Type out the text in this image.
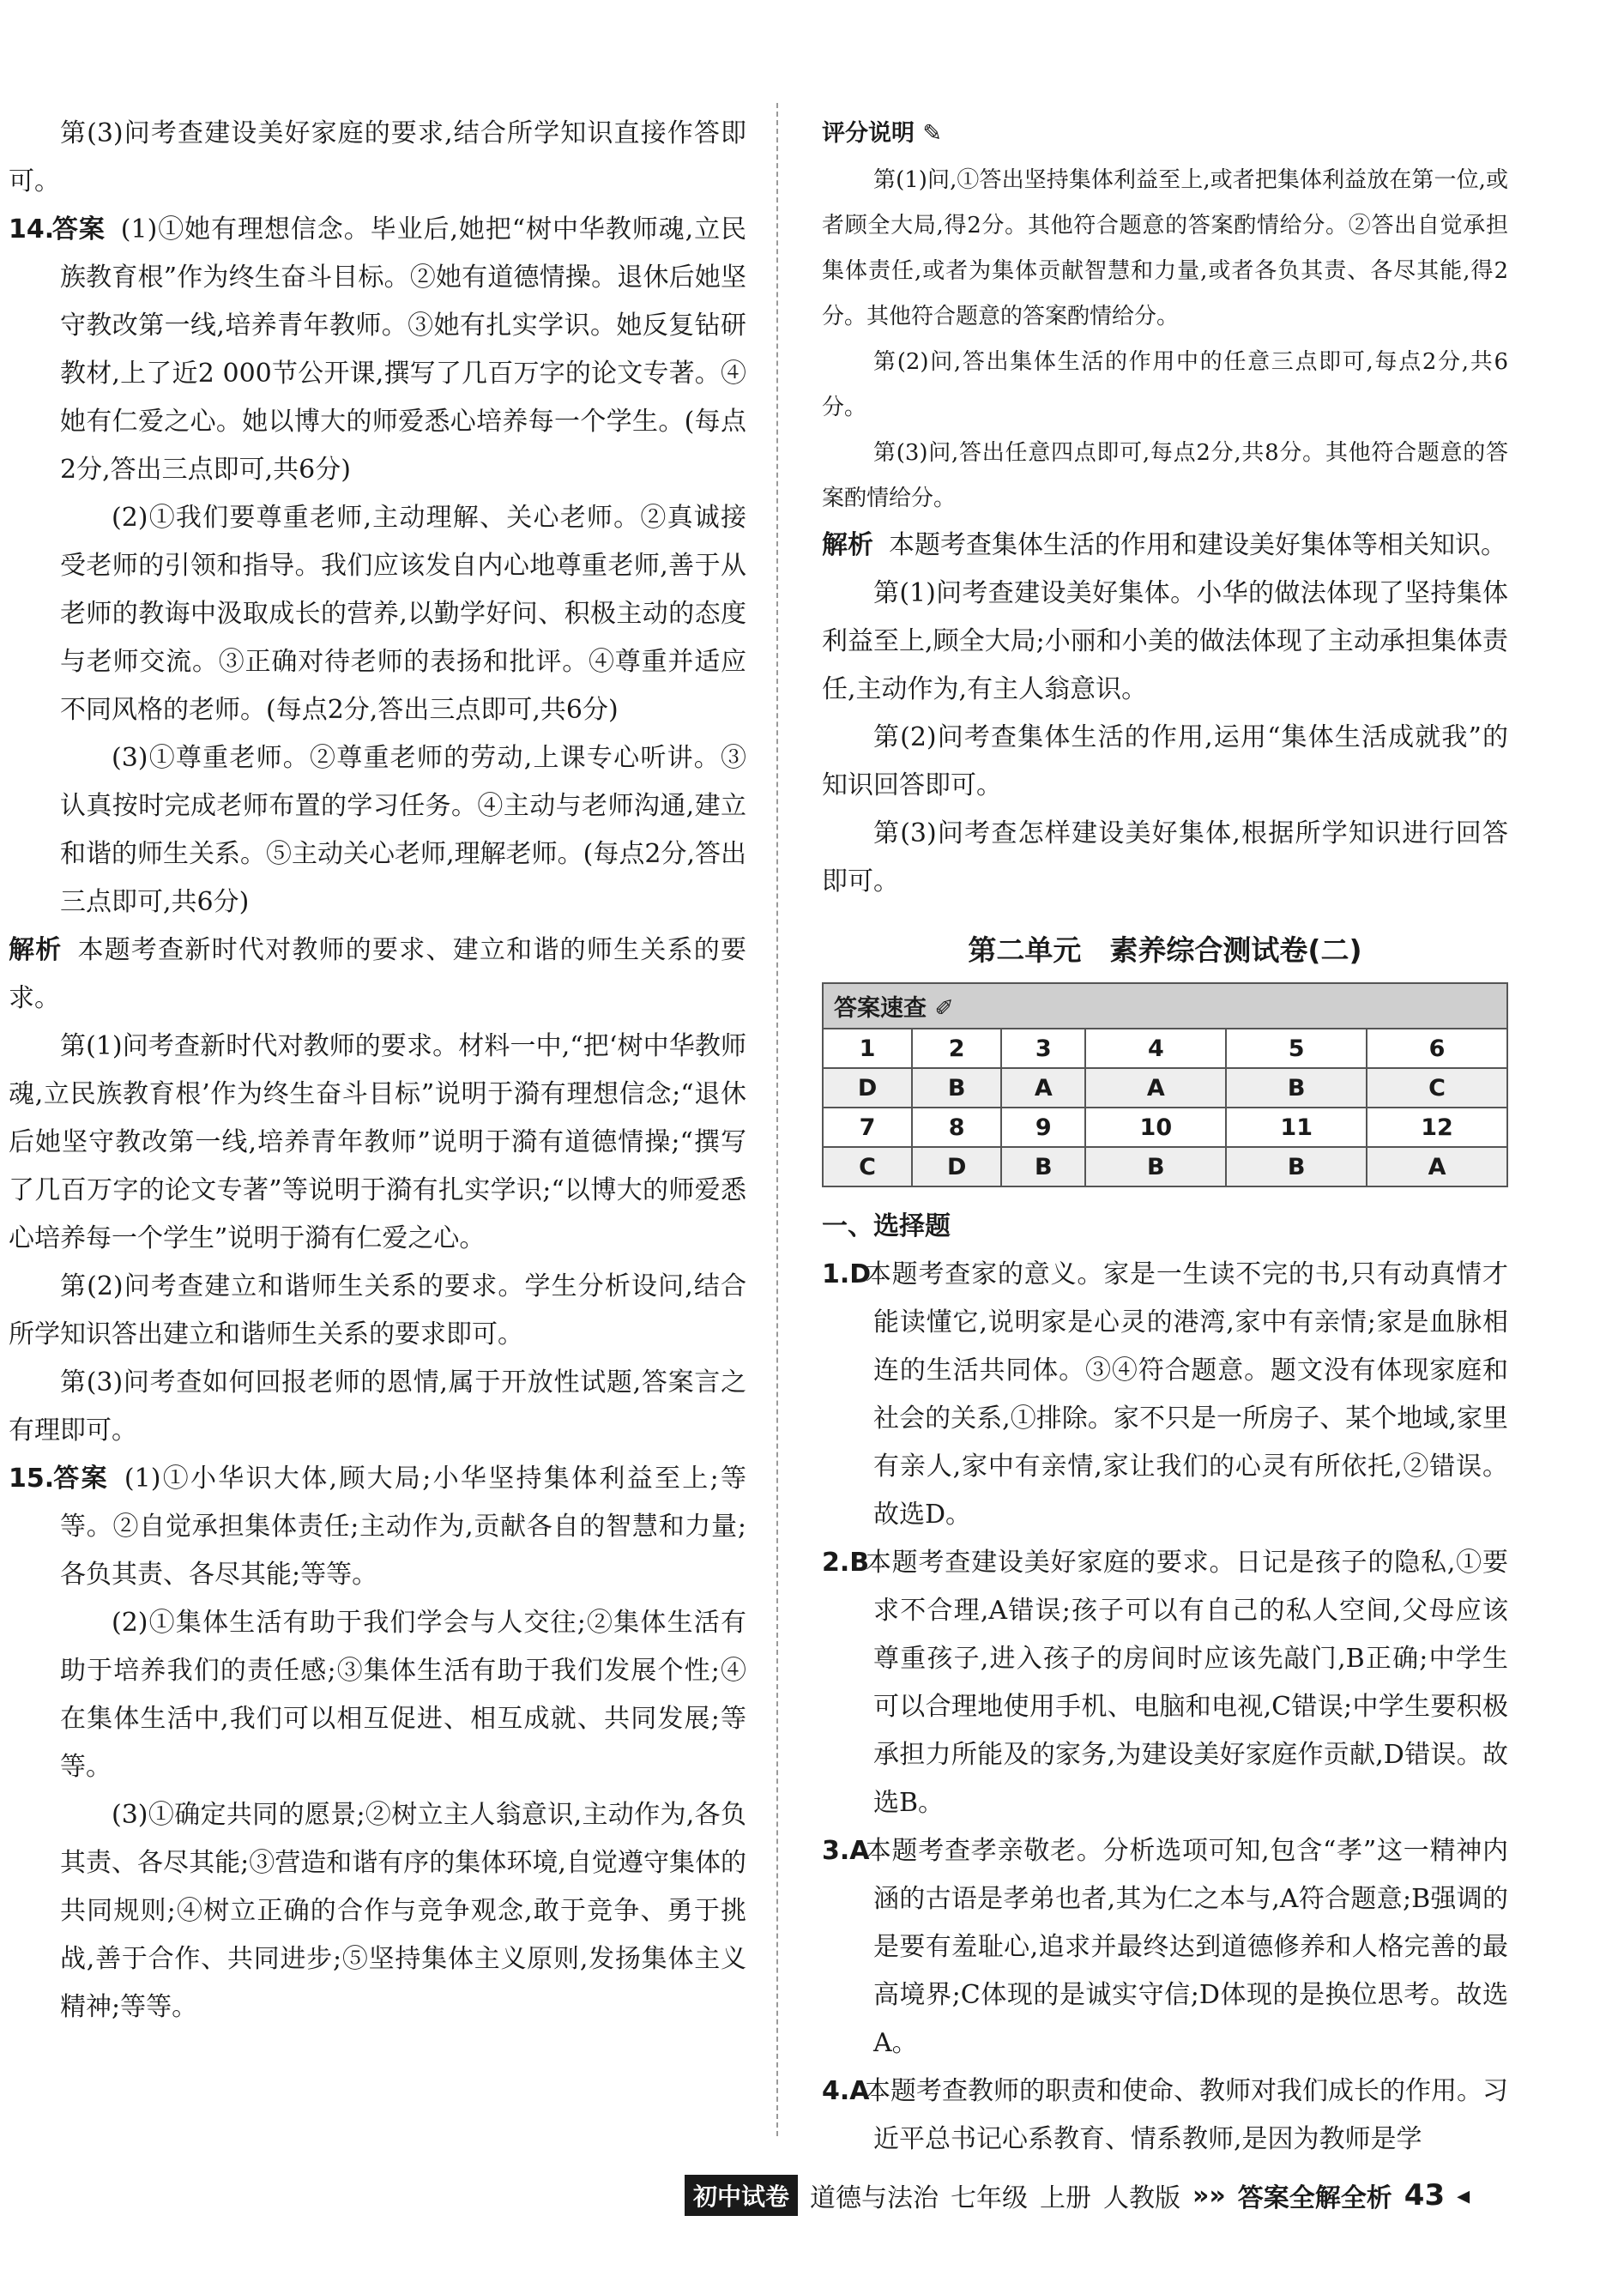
第(3)问考查建设美好家庭的要求,结合所学知识直接作答即可。

14.答案 (1)①她有理想信念。毕业后,她把“树中华教师魂,立民族教育根”作为终生奋斗目标。②她有道德情操。退休后她坚守教改第一线,培养青年教师。③她有扎实学识。她反复钻研教材,上了近2 000节公开课,撰写了几百万字的论文专著。④她有仁爱之心。她以博大的师爱悉心培养每一个学生。(每点2分,答出三点即可,共6分)

(2)①我们要尊重老师,主动理解、关心老师。②真诚接受老师的引领和指导。我们应该发自内心地尊重老师,善于从老师的教诲中汲取成长的营养,以勤学好问、积极主动的态度与老师交流。③正确对待老师的表扬和批评。④尊重并适应不同风格的老师。(每点2分,答出三点即可,共6分)

(3)①尊重老师。②尊重老师的劳动,上课专心听讲。③认真按时完成老师布置的学习任务。④主动与老师沟通,建立和谐的师生关系。⑤主动关心老师,理解老师。(每点2分,答出三点即可,共6分)

解析 本题考查新时代对教师的要求、建立和谐的师生关系的要求。

第(1)问考查新时代对教师的要求。材料一中,“把‘树中华教师魂,立民族教育根’作为终生奋斗目标”说明于漪有理想信念;“退休后她坚守教改第一线,培养青年教师”说明于漪有道德情操;“撰写了几百万字的论文专著”等说明于漪有扎实学识;“以博大的师爱悉心培养每一个学生”说明于漪有仁爱之心。

第(2)问考查建立和谐师生关系的要求。学生分析设问,结合所学知识答出建立和谐师生关系的要求即可。

第(3)问考查如何回报老师的恩情,属于开放性试题,答案言之有理即可。

15.答案 (1)①小华识大体,顾大局;小华坚持集体利益至上;等等。②自觉承担集体责任;主动作为,贡献各自的智慧和力量;各负其责、各尽其能;等等。

(2)①集体生活有助于我们学会与人交往;②集体生活有助于培养我们的责任感;③集体生活有助于我们发展个性;④在集体生活中,我们可以相互促进、相互成就、共同发展;等等。

(3)①确定共同的愿景;②树立主人翁意识,主动作为,各负其责、各尽其能;③营造和谐有序的集体环境,自觉遵守集体的共同规则;④树立正确的合作与竞争观念,敢于竞争、勇于挑战,善于合作、共同进步;⑤坚持集体主义原则,发扬集体主义精神;等等。

评分说明 ✎

第(1)问,①答出坚持集体利益至上,或者把集体利益放在第一位,或者顾全大局,得2分。其他符合题意的答案酌情给分。②答出自觉承担集体责任,或者为集体贡献智慧和力量,或者各负其责、各尽其能,得2分。其他符合题意的答案酌情给分。

第(2)问,答出集体生活的作用中的任意三点即可,每点2分,共6分。

第(3)问,答出任意四点即可,每点2分,共8分。其他符合题意的答案酌情给分。

解析 本题考查集体生活的作用和建设美好集体等相关知识。

第(1)问考查建设美好集体。小华的做法体现了坚持集体利益至上,顾全大局;小丽和小美的做法体现了主动承担集体责任,主动作为,有主人翁意识。

第(2)问考查集体生活的作用,运用“集体生活成就我”的知识回答即可。

第(3)问考查怎样建设美好集体,根据所学知识进行回答即可。

第二单元　素养综合测试卷(二)
答案速查 ✐					
1	2	3	4	5	6
D	B	A	A	B	C
7	8	9	10	11	12
C	D	B	B	B	A
一、选择题

1.D本题考查家的意义。家是一生读不完的书,只有动真情才能读懂它,说明家是心灵的港湾,家中有亲情;家是血脉相连的生活共同体。③④符合题意。题文没有体现家庭和社会的关系,①排除。家不只是一所房子、某个地域,家里有亲人,家中有亲情,家让我们的心灵有所依托,②错误。故选D。

2.B本题考查建设美好家庭的要求。日记是孩子的隐私,①要求不合理,A错误;孩子可以有自己的私人空间,父母应该尊重孩子,进入孩子的房间时应该先敲门,B正确;中学生可以合理地使用手机、电脑和电视,C错误;中学生要积极承担力所能及的家务,为建设美好家庭作贡献,D错误。故选B。

3.A本题考查孝亲敬老。分析选项可知,包含“孝”这一精神内涵的古语是孝弟也者,其为仁之本与,A符合题意;B强调的是要有羞耻心,追求并最终达到道德修养和人格完善的最高境界;C体现的是诚实守信;D体现的是换位思考。故选A。

4.A本题考查教师的职责和使命、教师对我们成长的作用。习近平总书记心系教育、情系教师,是因为教师是学

初中试卷 道德与法治 七年级 上册 人教版 »» 答案全解全析 43 ◂
